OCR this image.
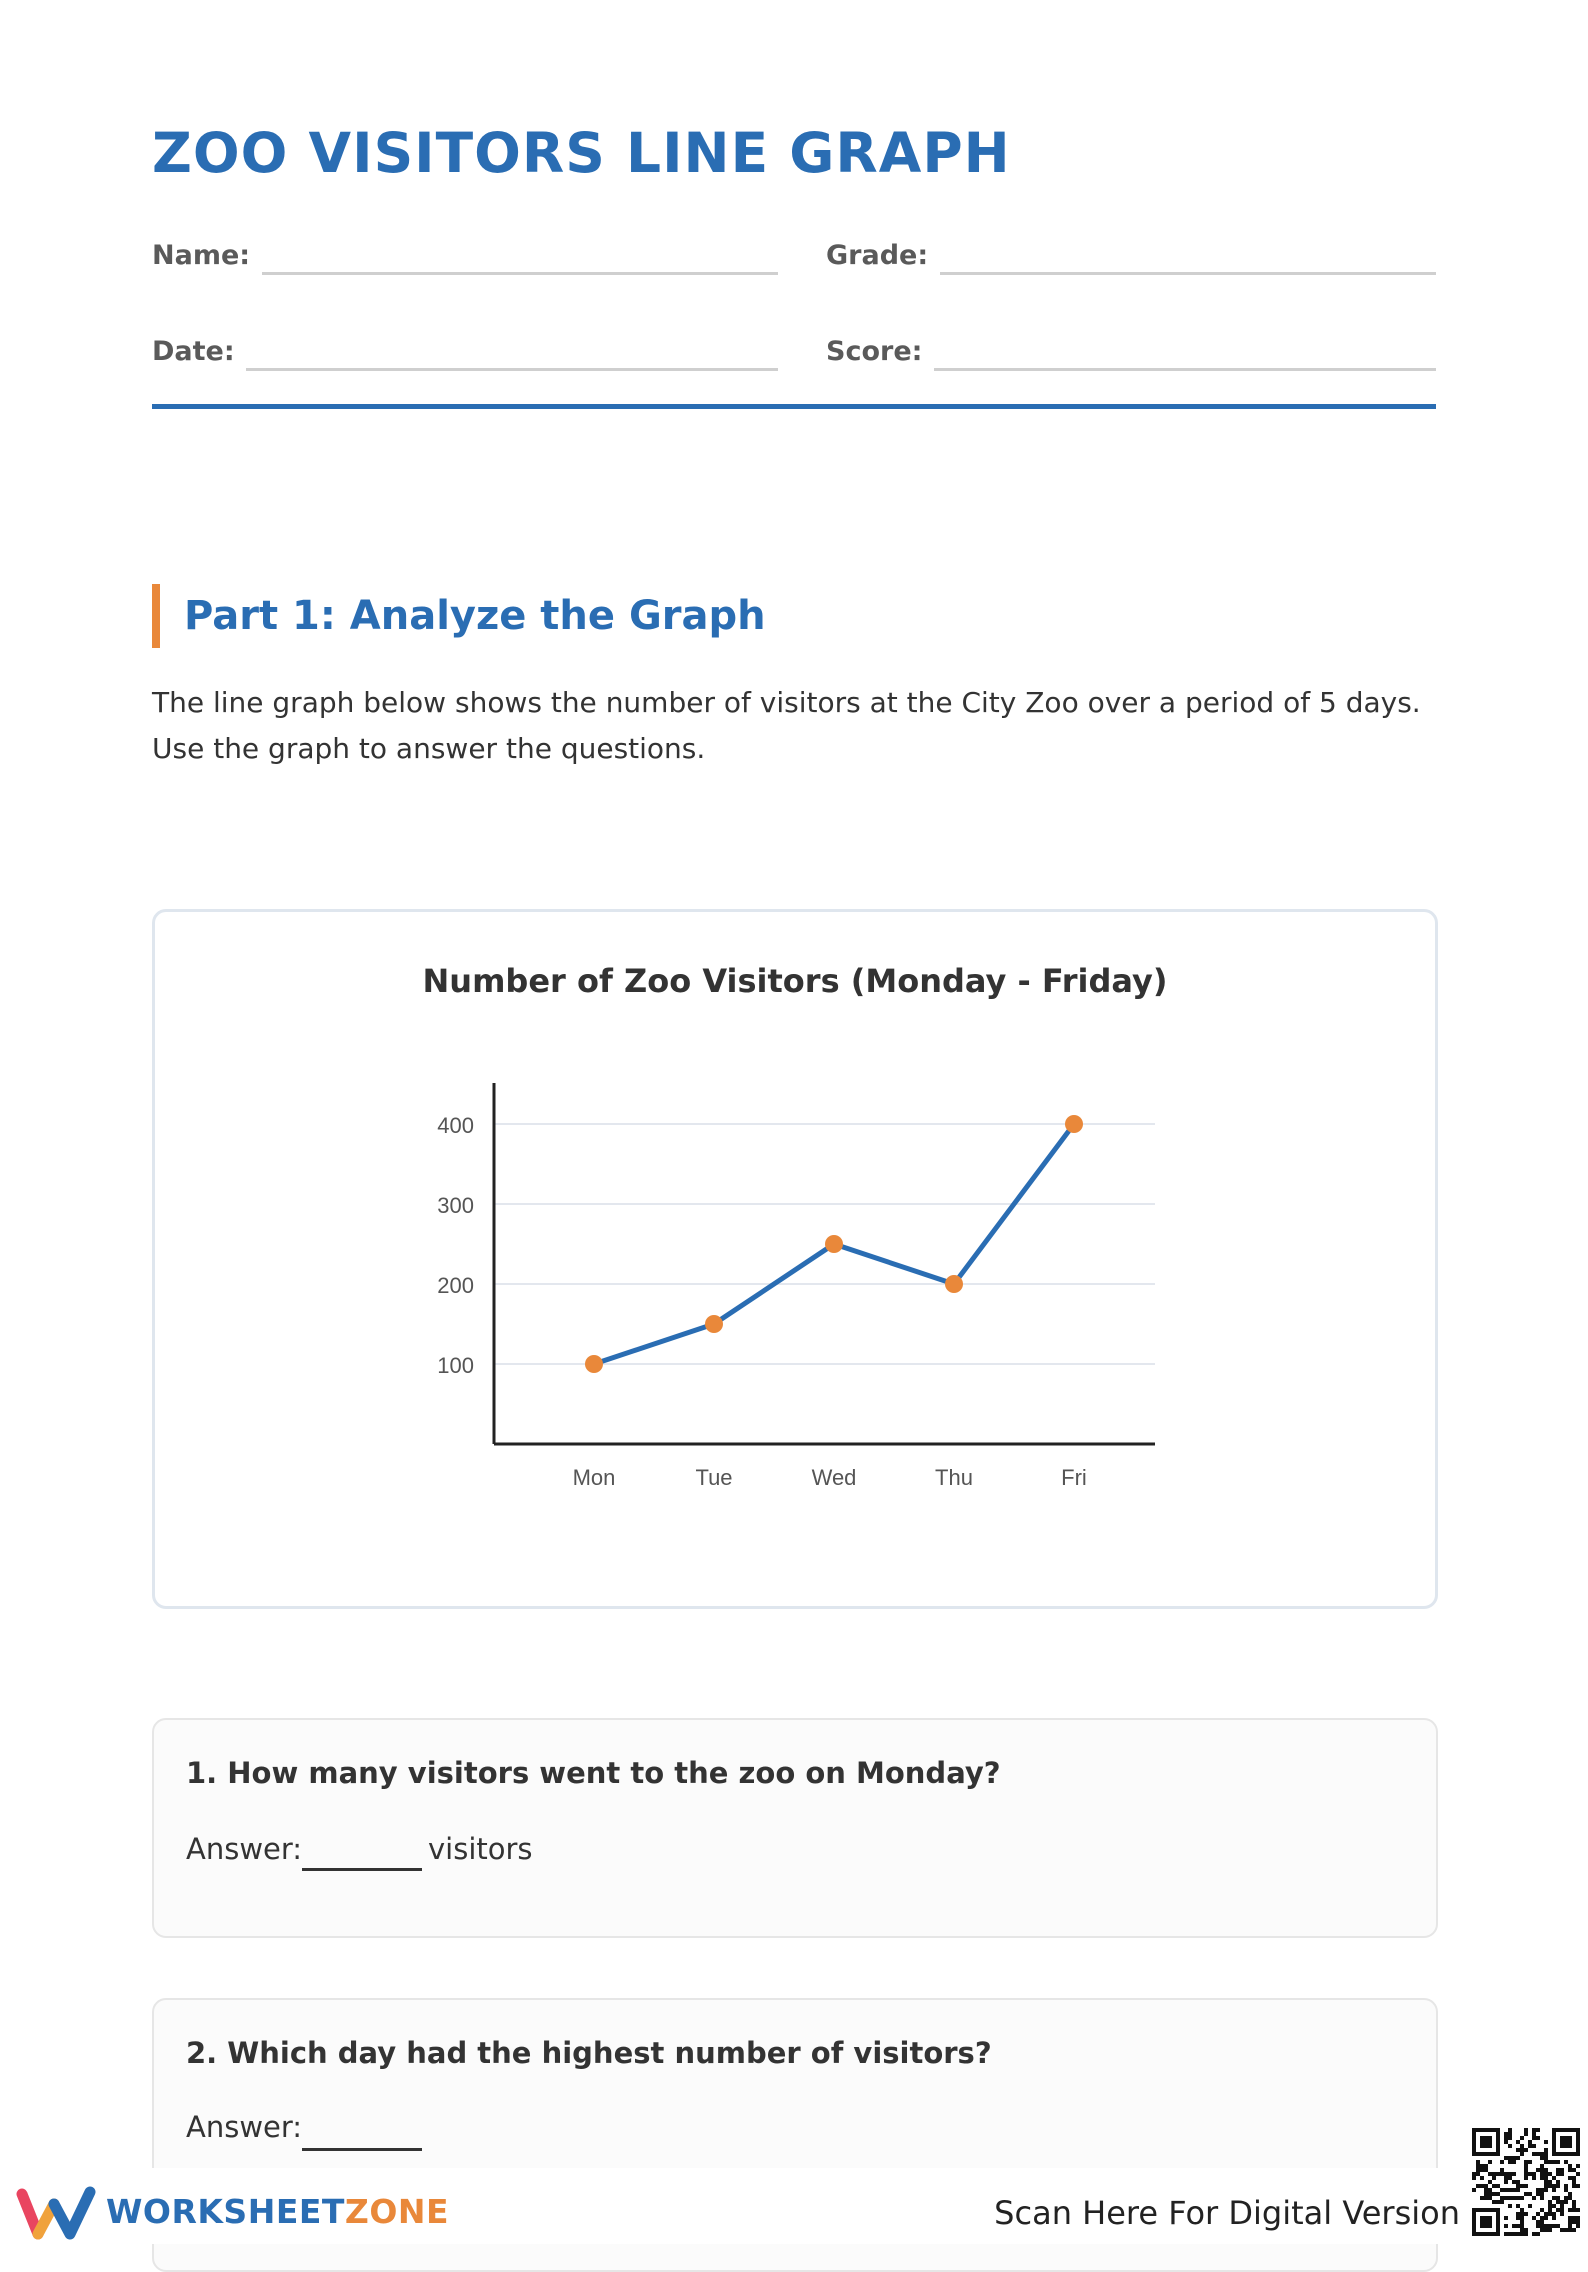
ZOO VISITORS LINE GRAPH
Name:	Grade:
Date:	Score:
Part 1: Analyze the Graph
The line graph below shows the number of visitors at the City Zoo over a period of 5 days.
Use the graph to answer the questions.
Number of Zoo Visitors (Monday - Friday)
100
200
300
400
Mon	Tue	Wed	Thu	Fri
1. How many visitors went to the zoo on Monday?
Answer:	visitors
2. Which day had the highest number of visitors?
Answer:
WORKSHEETZONE	Scan Here For Digital Version
